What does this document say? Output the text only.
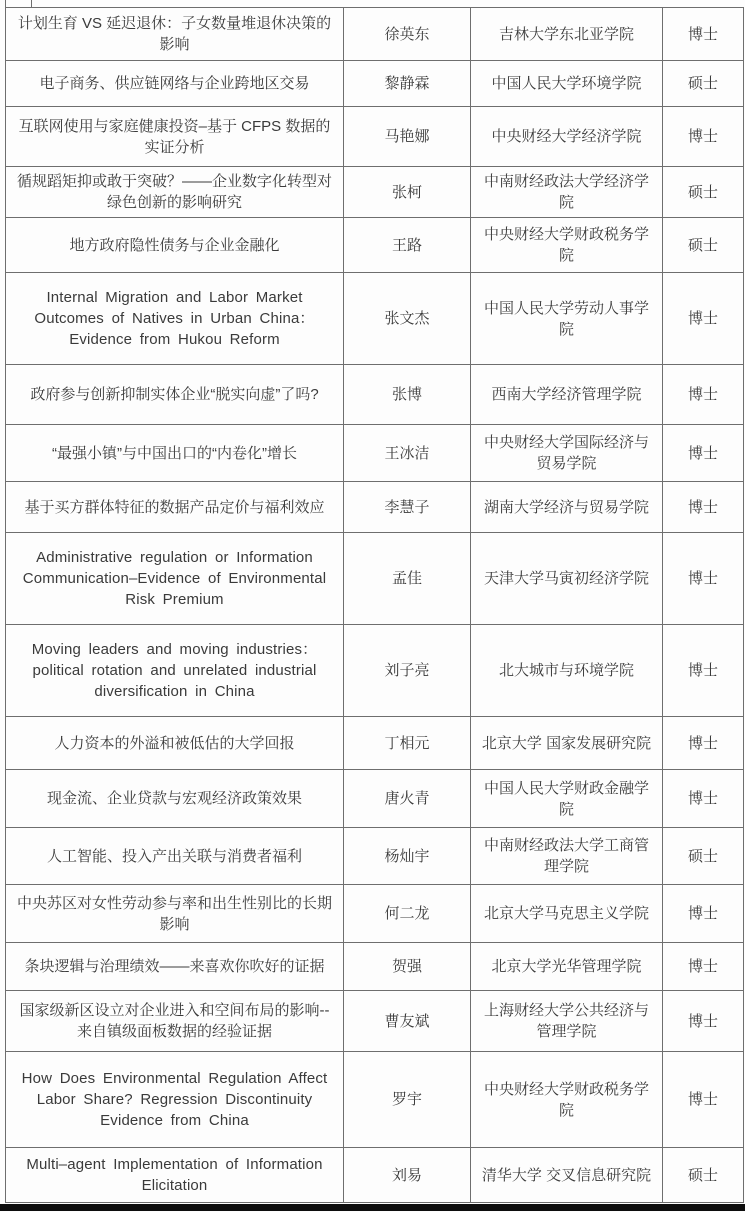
计划生育 VS 延迟退休：子女数量堆退休决策的影响	徐英东	吉林大学东北亚学院	博士
电子商务、供应链网络与企业跨地区交易	黎静霖	中国人民大学环境学院	硕士
互联网使用与家庭健康投资–基于 CFPS 数据的实证分析	马艳娜	中央财经大学经济学院	博士
循规蹈矩抑或敢于突破？——企业数字化转型对绿色创新的影响研究	张柯	中南财经政法大学经济学院	硕士
地方政府隐性债务与企业金融化	王路	中央财经大学财政税务学院	硕士
Internal Migration and Labor Market Outcomes of Natives in Urban China：Evidence from Hukou Reform	张文杰	中国人民大学劳动人事学院	博士
政府参与创新抑制实体企业“脱实向虚”了吗?	张博	西南大学经济管理学院	博士
“最强小镇”与中国出口的“内卷化”增长	王冰洁	中央财经大学国际经济与贸易学院	博士
基于买方群体特征的数据产品定价与福利效应	李慧子	湖南大学经济与贸易学院	博士
Administrative regulation or Information Communication–Evidence of Environmental Risk Premium	孟佳	天津大学马寅初经济学院	博士
Moving leaders and moving industries：political rotation and unrelated industrial diversification in China	刘子亮	北大城市与环境学院	博士
人力资本的外溢和被低估的大学回报	丁相元	北京大学 国家发展研究院	博士
现金流、企业贷款与宏观经济政策效果	唐火青	中国人民大学财政金融学院	博士
人工智能、投入产出关联与消费者福利	杨灿宇	中南财经政法大学工商管理学院	硕士
中央苏区对女性劳动参与率和出生性别比的长期影响	何二龙	北京大学马克思主义学院	博士
条块逻辑与治理绩效——来喜欢你吹好的证据	贺强	北京大学光华管理学院	博士
国家级新区设立对企业进入和空间布局的影响--来自镇级面板数据的经验证据	曹友斌	上海财经大学公共经济与管理学院	博士
How Does Environmental Regulation Affect Labor Share? Regression Discontinuity Evidence from China	罗宇	中央财经大学财政税务学院	博士
Multi–agent Implementation of Information Elicitation	刘易	清华大学 交叉信息研究院	硕士
